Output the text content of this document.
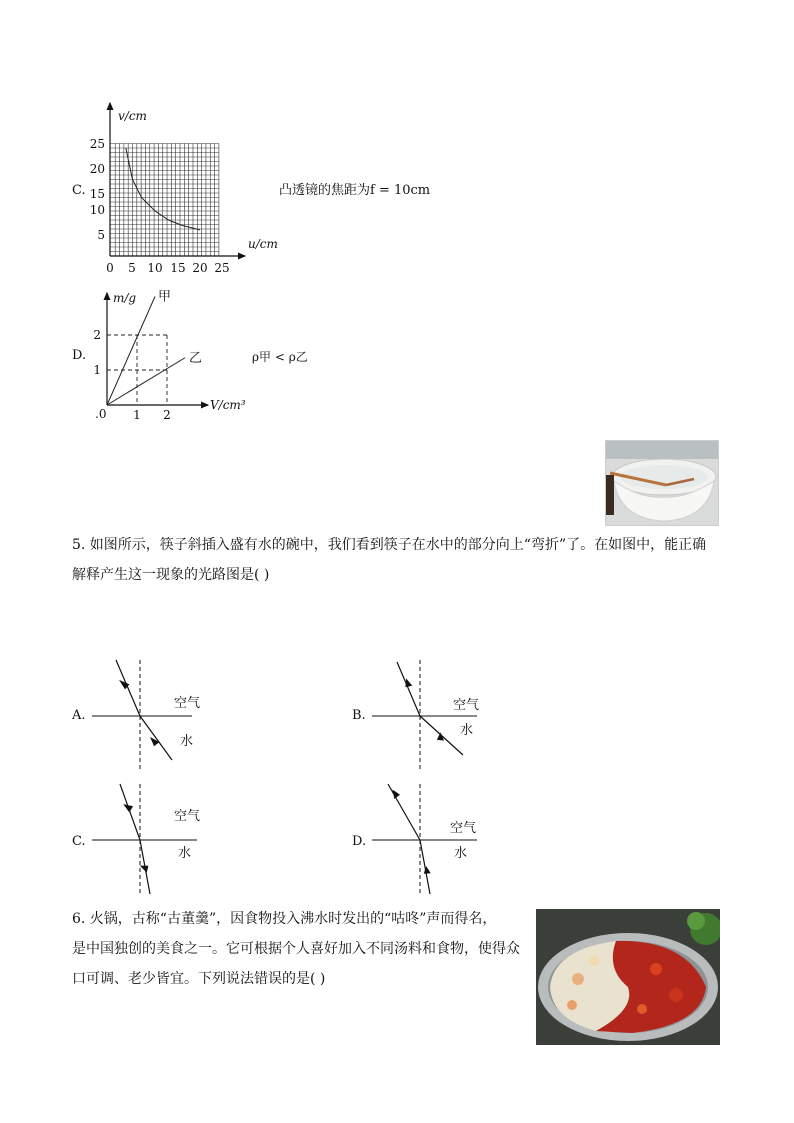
C.
v/cm
u/cm
25
20
15
10
5
0 5 10 15 20 25
凸透镜的焦距为f = 10cm
D.
m/g
V/cm³
甲
乙
2
1
1 2
.0
ρ甲 < ρ乙
5. 如图所示，筷子斜插入盛有水的碗中，我们看到筷子在水中的部分向上“弯折”了。在如图中，能正确
解释产生这一现象的光路图是( )
A.
空气
水
B.
空气
水
C.
空气
水
D.
空气
水
6. 火锅，古称“古董羹”，因食物投入沸水时发出的“咕咚”声而得名，
是中国独创的美食之一。它可根据个人喜好加入不同汤料和食物，使得众
口可调、老少皆宜。下列说法错误的是( )
